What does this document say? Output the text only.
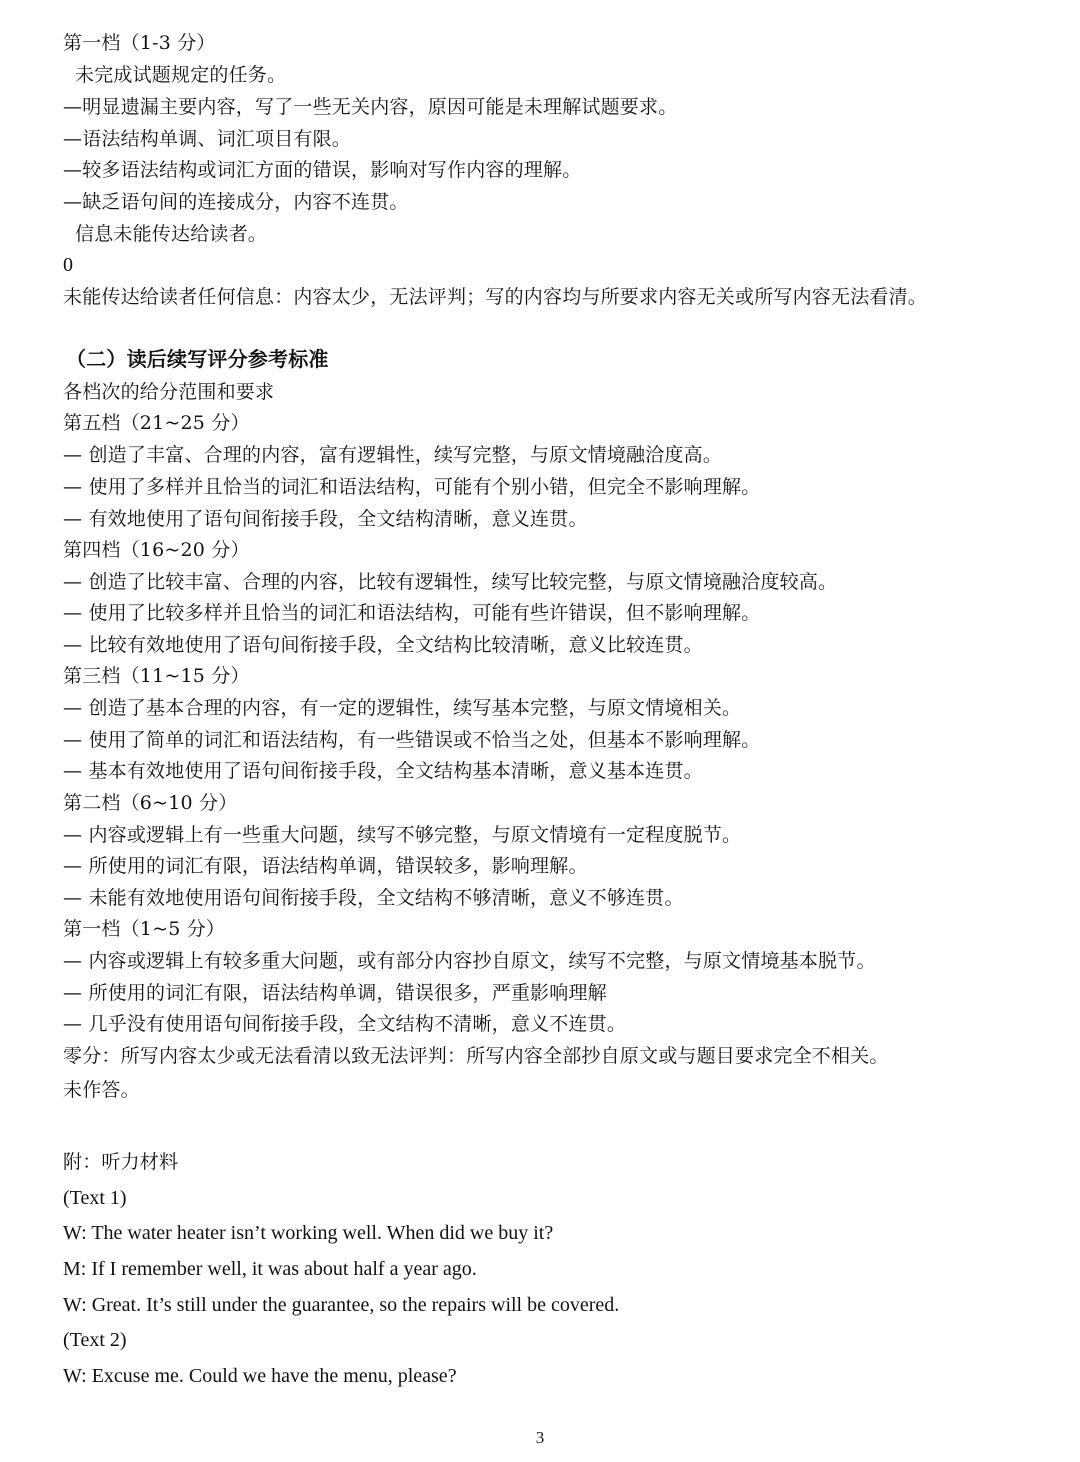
第一档（1-3 分）
未完成试题规定的任务。
—明显遗漏主要内容，写了一些无关内容，原因可能是未理解试题要求。
—语法结构单调、词汇项目有限。
—较多语法结构或词汇方面的错误，影响对写作内容的理解。
—缺乏语句间的连接成分，内容不连贯。
信息未能传达给读者。
0
未能传达给读者任何信息：内容太少，无法评判；写的内容均与所要求内容无关或所写内容无法看清。
（二）读后续写评分参考标准
各档次的给分范围和要求
第五档（21~25 分）
— 创造了丰富、合理的内容，富有逻辑性，续写完整，与原文情境融洽度高。
— 使用了多样并且恰当的词汇和语法结构，可能有个别小错，但完全不影响理解。
— 有效地使用了语句间衔接手段，全文结构清晰，意义连贯。
第四档（16~20 分）
— 创造了比较丰富、合理的内容，比较有逻辑性，续写比较完整，与原文情境融洽度较高。
— 使用了比较多样并且恰当的词汇和语法结构，可能有些许错误，但不影响理解。
— 比较有效地使用了语句间衔接手段，全文结构比较清晰，意义比较连贯。
第三档（11~15 分）
— 创造了基本合理的内容，有一定的逻辑性，续写基本完整，与原文情境相关。
— 使用了简单的词汇和语法结构，有一些错误或不恰当之处，但基本不影响理解。
— 基本有效地使用了语句间衔接手段，全文结构基本清晰，意义基本连贯。
第二档（6~10 分）
— 内容或逻辑上有一些重大问题，续写不够完整，与原文情境有一定程度脱节。
— 所使用的词汇有限，语法结构单调，错误较多，影响理解。
— 未能有效地使用语句间衔接手段，全文结构不够清晰，意义不够连贯。
第一档（1~5 分）
— 内容或逻辑上有较多重大问题，或有部分内容抄自原文，续写不完整，与原文情境基本脱节。
— 所使用的词汇有限，语法结构单调，错误很多，严重影响理解
— 几乎没有使用语句间衔接手段，全文结构不清晰，意义不连贯。
零分：所写内容太少或无法看清以致无法评判：所写内容全部抄自原文或与题目要求完全不相关。
未作答。
附：听力材料
(Text 1)
W: The water heater isn’t working well. When did we buy it?
M: If I remember well, it was about half a year ago.
W: Great. It’s still under the guarantee, so the repairs will be covered.
(Text 2)
W: Excuse me. Could we have the menu, please?
3
